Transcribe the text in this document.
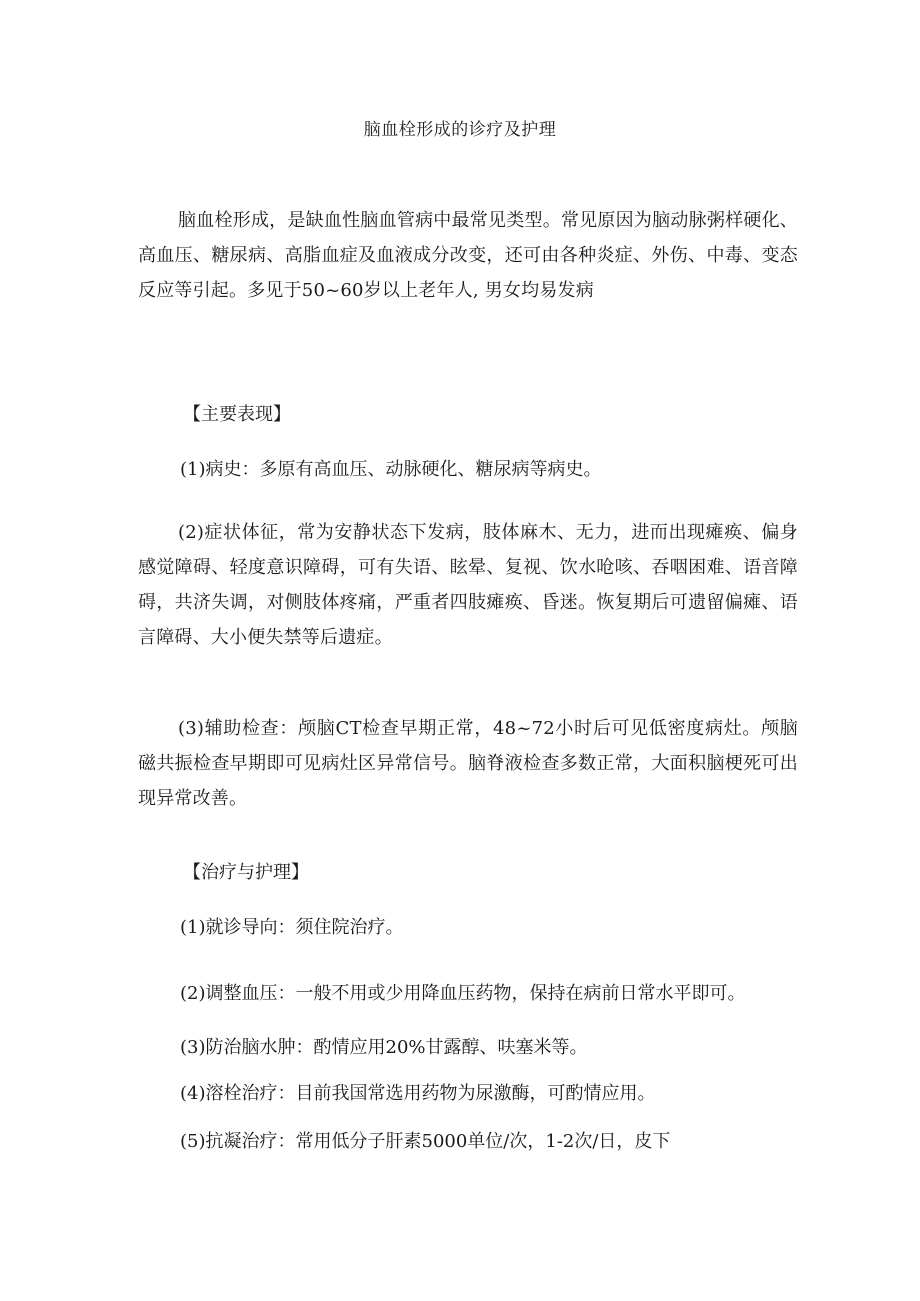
脑血栓形成的诊疗及护理
脑血栓形成，是缺血性脑血管病中最常见类型。常见原因为脑动脉粥样硬化、高血压、糖尿病、高脂血症及血液成分改变，还可由各种炎症、外伤、中毒、变态反应等引起。多见于50~60岁以上老年人, 男女均易发病
【主要表现】
(1)病史：多原有高血压、动脉硬化、糖尿病等病史。
(2)症状体征，常为安静状态下发病，肢体麻木、无力，进而出现瘫痪、偏身感觉障碍、轻度意识障碍，可有失语、眩晕、复视、饮水呛咳、吞咽困难、语音障碍，共济失调，对侧肢体疼痛，严重者四肢瘫痪、昏迷。恢复期后可遗留偏瘫、语言障碍、大小便失禁等后遗症。
(3)辅助检查：颅脑CT检查早期正常，48~72小时后可见低密度病灶。颅脑磁共振检查早期即可见病灶区异常信号。脑脊液检查多数正常，大面积脑梗死可出现异常改善。
【治疗与护理】
(1)就诊导向：须住院治疗。
(2)调整血压：一般不用或少用降血压药物，保持在病前日常水平即可。
(3)防治脑水肿：酌情应用20%甘露醇、呋塞米等。
(4)溶栓治疗：目前我国常选用药物为尿激酶，可酌情应用。
(5)抗凝治疗：常用低分子肝素5000单位/次，1-2次/日，皮下
